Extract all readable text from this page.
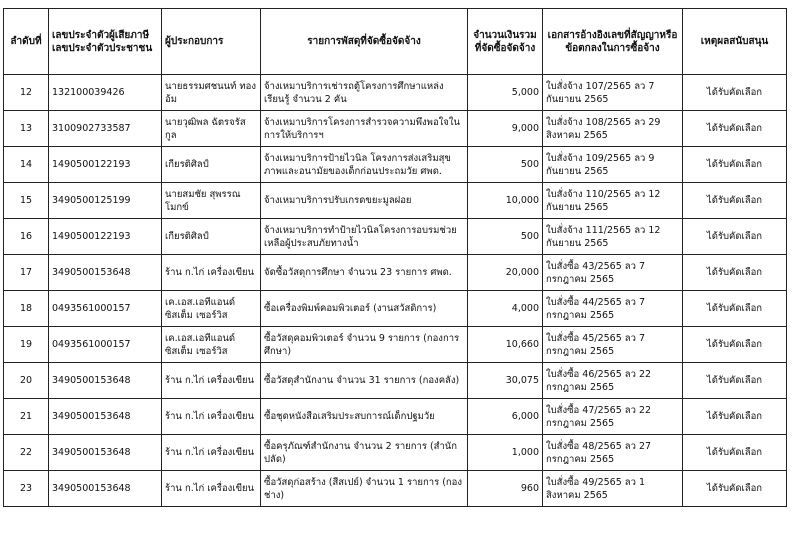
ลำดับที่	เลขประจำตัวผู้เสียภาษี เลขประจำตัวประชาชน	ผู้ประกอบการ	รายการพัสดุที่จัดซื้อจัดจ้าง	จำนวนเงินรวมที่จัดซื้อจัดจ้าง	เอกสารอ้างอิงเลขที่สัญญาหรือข้อตกลงในการซื้อจ้าง	เหตุผลสนับสนุน
12	132100039426	นายธรรมศชนนท์ ทองอ้ม	จ้างเหมาบริการเช่ารถตู้โครงการศึกษาแหล่งเรียนรู้ จำนวน 2 คัน	5,000	ใบสั่งจ้าง 107/2565 ลว 7 กันยายน 2565	ได้รับคัดเลือก
13	3100902733587	นายวุฒิพล ฉัตรจรัสกูล	จ้างเหมาบริการโครงการสำรวจความพึงพอใจในการให้บริการฯ	9,000	ใบสั่งจ้าง 108/2565 ลว 29 สิงหาคม 2565	ได้รับคัดเลือก
14	1490500122193	เกียรติศิลป์	จ้างเหมาบริการป้ายไวนิล โครงการส่งเสริมสุขภาพและอนามัยของเด็กก่อนประถมวัย ศพด.	500	ใบสั่งจ้าง 109/2565 ลว 9 กันยายน 2565	ได้รับคัดเลือก
15	3490500125199	นายสมชัย สุพรรณโมกข์	จ้างเหมาบริการปรับเกรดขยะมูลฝอย	10,000	ใบสั่งจ้าง 110/2565 ลว 12 กันยายน 2565	ได้รับคัดเลือก
16	1490500122193	เกียรติศิลป์	จ้างเหมาบริการทำป้ายไวนิลโครงการอบรมช่วยเหลือผู้ประสบภัยทางน้ำ	500	ใบสั่งจ้าง 111/2565 ลว 12 กันยายน 2565	ได้รับคัดเลือก
17	3490500153648	ร้าน ก.ไก่ เครื่องเขียน	จัดซื้อวัสดุการศึกษา จำนวน 23 รายการ ศพด.	20,000	ใบสั่งซื้อ 43/2565 ลว 7 กรกฎาคม 2565	ได้รับคัดเลือก
18	0493561000157	เค.เอส.เอทีแอนด์ ซิสเต็ม เซอร์วิส	ซื้อเครื่องพิมพ์คอมพิวเตอร์ (งานสวัสดิการ)	4,000	ใบสั่งซื้อ 44/2565 ลว 7 กรกฎาคม 2565	ได้รับคัดเลือก
19	0493561000157	เค.เอส.เอทีแอนด์ ซิสเต็ม เซอร์วิส	ซื้อวัสดุคอมพิวเตอร์ จำนวน 9 รายการ (กองการศึกษา)	10,660	ใบสั่งซื้อ 45/2565 ลว 7 กรกฎาคม 2565	ได้รับคัดเลือก
20	3490500153648	ร้าน ก.ไก่ เครื่องเขียน	ซื้อวัสดุสำนักงาน จำนวน 31 รายการ (กองคลัง)	30,075	ใบสั่งซื้อ 46/2565 ลว 22 กรกฎาคม 2565	ได้รับคัดเลือก
21	3490500153648	ร้าน ก.ไก่ เครื่องเขียน	ซื้อชุดหนังสือเสริมประสบการณ์เด็กปฐมวัย	6,000	ใบสั่งซื้อ 47/2565 ลว 22 กรกฎาคม 2565	ได้รับคัดเลือก
22	3490500153648	ร้าน ก.ไก่ เครื่องเขียน	ซื้อครุภัณฑ์สำนักงาน จำนวน 2 รายการ (สำนักปลัด)	1,000	ใบสั่งซื้อ 48/2565 ลว 27 กรกฎาคม 2565	ได้รับคัดเลือก
23	3490500153648	ร้าน ก.ไก่ เครื่องเขียน	ซื้อวัสดุก่อสร้าง (สีสเปย์) จำนวน 1 รายการ (กองช่าง)	960	ใบสั่งซื้อ 49/2565 ลว 1 สิงหาคม 2565	ได้รับคัดเลือก
